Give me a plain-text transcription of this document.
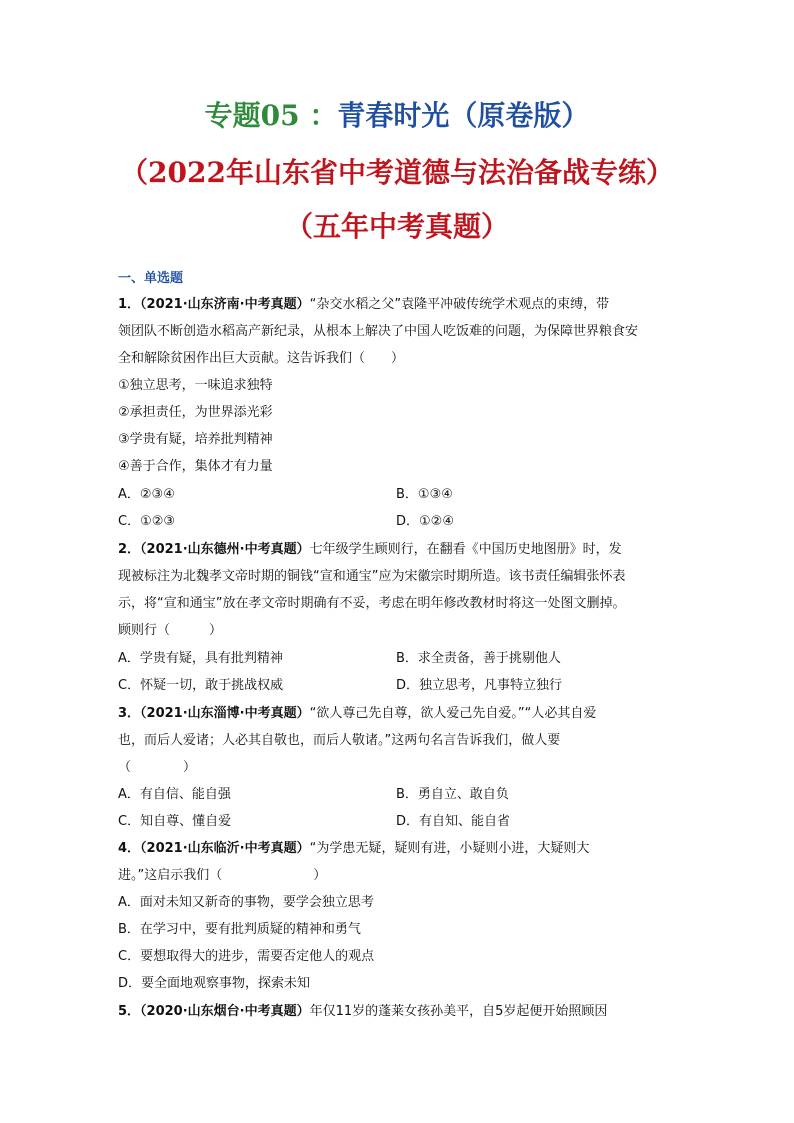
专题05 ：青春时光（原卷版）
（2022年山东省中考道德与法治备战专练）
（五年中考真题）
一、单选题
1．（2021·山东济南·中考真题）“杂交水稻之父”袁隆平冲破传统学术观点的束缚，带
领团队不断创造水稻高产新纪录，从根本上解决了中国人吃饭难的问题，为保障世界粮食安
全和解除贫困作出巨大贡献。这告诉我们（　　）
①独立思考，一味追求独特
②承担责任，为世界添光彩
③学贵有疑，培养批判精神
④善于合作，集体才有力量
A．②③④	B．①③④
C．①②③	D．①②④
2．（2021·山东德州·中考真题）七年级学生顾则行，在翻看《中国历史地图册》时，发
现被标注为北魏孝文帝时期的铜钱“宣和通宝”应为宋徽宗时期所造。该书责任编辑张怀表
示，将“宣和通宝”放在孝文帝时期确有不妥，考虑在明年修改教材时将这一处图文删掉。
顾则行（　　　）
A．学贵有疑，具有批判精神	B．求全责备，善于挑剔他人
C．怀疑一切，敢于挑战权威	D．独立思考，凡事特立独行
3．（2021·山东淄博·中考真题）“欲人尊己先自尊，欲人爱己先自爱。”“人必其自爱
也，而后人爱诸；人必其自敬也，而后人敬诸。”这两句名言告诉我们，做人要
（　　　　）
A．有自信、能自强	B．勇自立、敢自负
C．知自尊、懂自爱	D．有自知、能自省
4．（2021·山东临沂·中考真题）“为学患无疑，疑则有进，小疑则小进，大疑则大
进。”这启示我们（　　　　　　　）
A．面对未知又新奇的事物，要学会独立思考
B．在学习中，要有批判质疑的精神和勇气
C．要想取得大的进步，需要否定他人的观点
D．要全面地观察事物，探索未知
5．（2020·山东烟台·中考真题）年仅11岁的蓬莱女孩孙美平，自5岁起便开始照顾因
